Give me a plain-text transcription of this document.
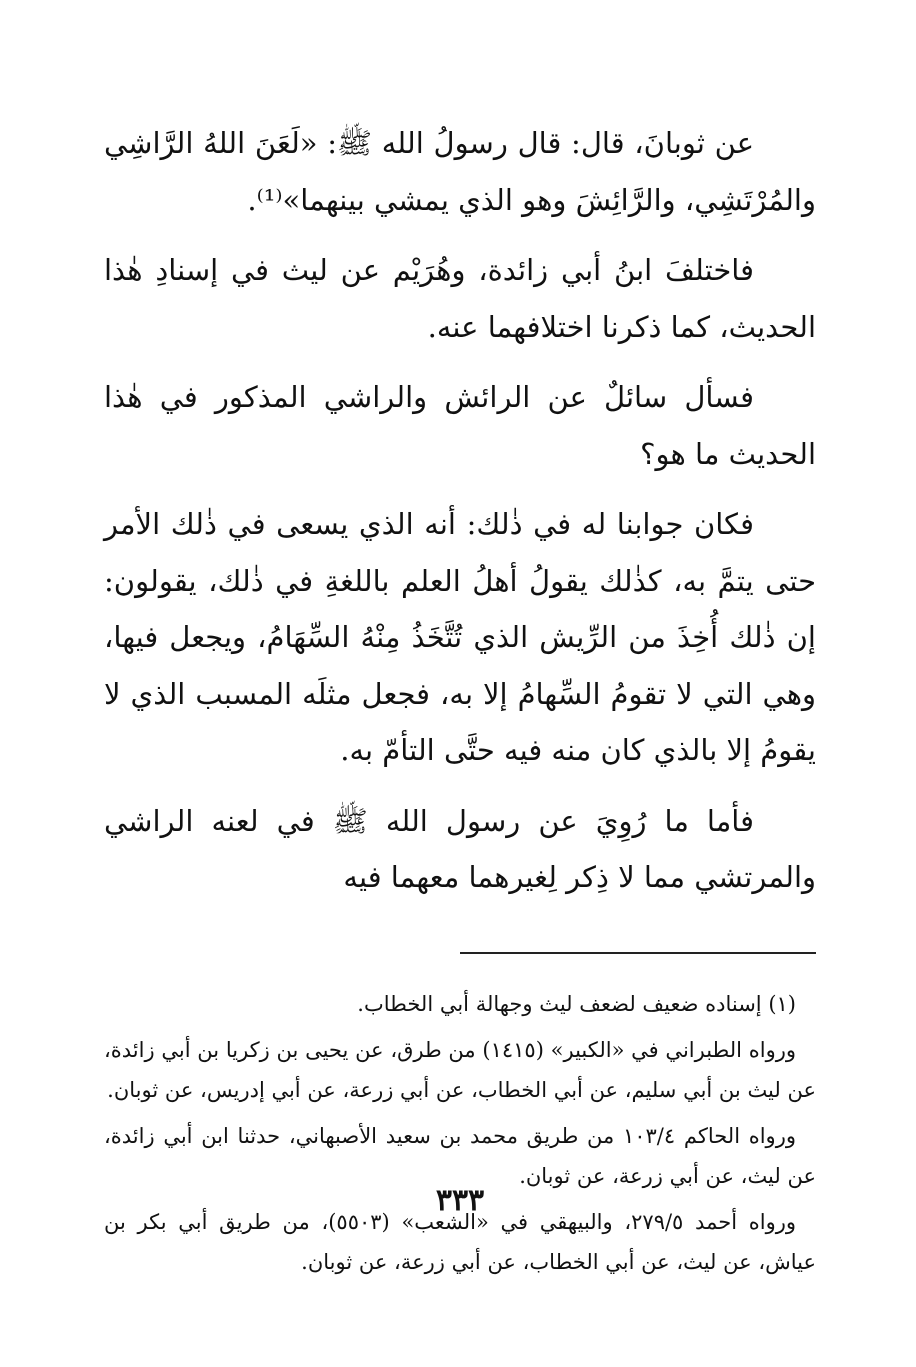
عن ثوبانَ، قال: قال رسولُ الله ﷺ: «لَعَنَ اللهُ الرَّاشِي والمُرْتَشِي، والرَّائِشَ وهو الذي يمشي بينهما»⁽¹⁾.

فاختلفَ ابنُ أبي زائدة، وهُرَيْم عن ليث في إسنادِ هٰذا الحديث، كما ذكرنا اختلافهما عنه.

فسأل سائلٌ عن الرائش والراشي المذكور في هٰذا الحديث ما هو؟

فكان جوابنا له في ذٰلك: أنه الذي يسعى في ذٰلك الأمر حتى يتمَّ به، كذٰلك يقولُ أهلُ العلم باللغةِ في ذٰلك، يقولون: إن ذٰلك أُخِذَ من الرِّيش الذي تُتَّخَذُ مِنْهُ السِّهَامُ، ويجعل فيها، وهي التي لا تقومُ السِّهامُ إلا به، فجعل مثلَه المسبب الذي لا يقومُ إلا بالذي كان منه فيه حتَّى التأمّ به.

فأما ما رُوِيَ عن رسول الله ﷺ في لعنه الراشي والمرتشي مما لا ذِكر لِغيرهما معهما فيه

(١) إسناده ضعيف لضعف ليث وجهالة أبي الخطاب.

ورواه الطبراني في «الكبير» (١٤١٥) من طرق، عن يحيى بن زكريا بن أبي زائدة، عن ليث بن أبي سليم، عن أبي الخطاب، عن أبي زرعة، عن أبي إدريس، عن ثوبان.

ورواه الحاكم ١٠٣/٤ من طريق محمد بن سعيد الأصبهاني، حدثنا ابن أبي زائدة، عن ليث، عن أبي زرعة، عن ثوبان.

ورواه أحمد ٢٧٩/٥، والبيهقي في «الشعب» (٥٥٠٣)، من طريق أبي بكر بن عياش، عن ليث، عن أبي الخطاب، عن أبي زرعة، عن ثوبان.

٣٣٣
